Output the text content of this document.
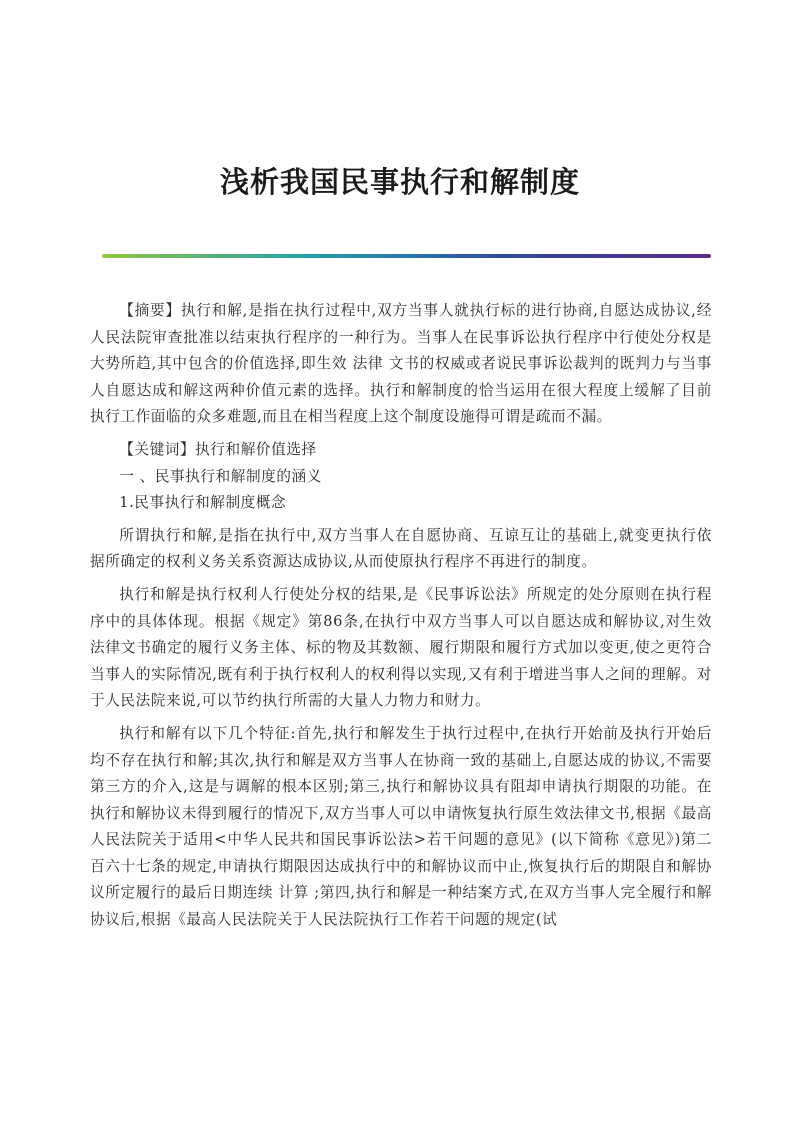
浅析我国民事执行和解制度

【摘要】执行和解,是指在执行过程中,双方当事人就执行标的进行协商,自愿达成协议,经人民法院审查批准以结束执行程序的一种行为。当事人在民事诉讼执行程序中行使处分权是大势所趋,其中包含的价值选择,即生效 法律 文书的权威或者说民事诉讼裁判的既判力与当事人自愿达成和解这两种价值元素的选择。执行和解制度的恰当运用在很大程度上缓解了目前执行工作面临的众多难题,而且在相当程度上这个制度设施得可谓是疏而不漏。

【关键词】执行和解价值选择

一 、民事执行和解制度的涵义

1.民事执行和解制度概念

所谓执行和解,是指在执行中,双方当事人在自愿协商、互谅互让的基础上,就变更执行依据所确定的权利义务关系资源达成协议,从而使原执行程序不再进行的制度。

执行和解是执行权利人行使处分权的结果,是《民事诉讼法》所规定的处分原则在执行程序中的具体体现。根据《规定》第86条,在执行中双方当事人可以自愿达成和解协议,对生效法律文书确定的履行义务主体、标的物及其数额、履行期限和履行方式加以变更,使之更符合当事人的实际情况,既有利于执行权利人的权利得以实现,又有利于增进当事人之间的理解。对于人民法院来说,可以节约执行所需的大量人力物力和财力。

执行和解有以下几个特征:首先,执行和解发生于执行过程中,在执行开始前及执行开始后均不存在执行和解;其次,执行和解是双方当事人在协商一致的基础上,自愿达成的协议,不需要第三方的介入,这是与调解的根本区别;第三,执行和解协议具有阻却申请执行期限的功能。在执行和解协议未得到履行的情况下,双方当事人可以申请恢复执行原生效法律文书,根据《最高人民法院关于适用<中华人民共和国民事诉讼法>若干问题的意见》(以下简称《意见》)第二百六十七条的规定,申请执行期限因达成执行中的和解协议而中止,恢复执行后的期限自和解协议所定履行的最后日期连续 计算 ;第四,执行和解是一种结案方式,在双方当事人完全履行和解协议后,根据《最高人民法院关于人民法院执行工作若干问题的规定(试
